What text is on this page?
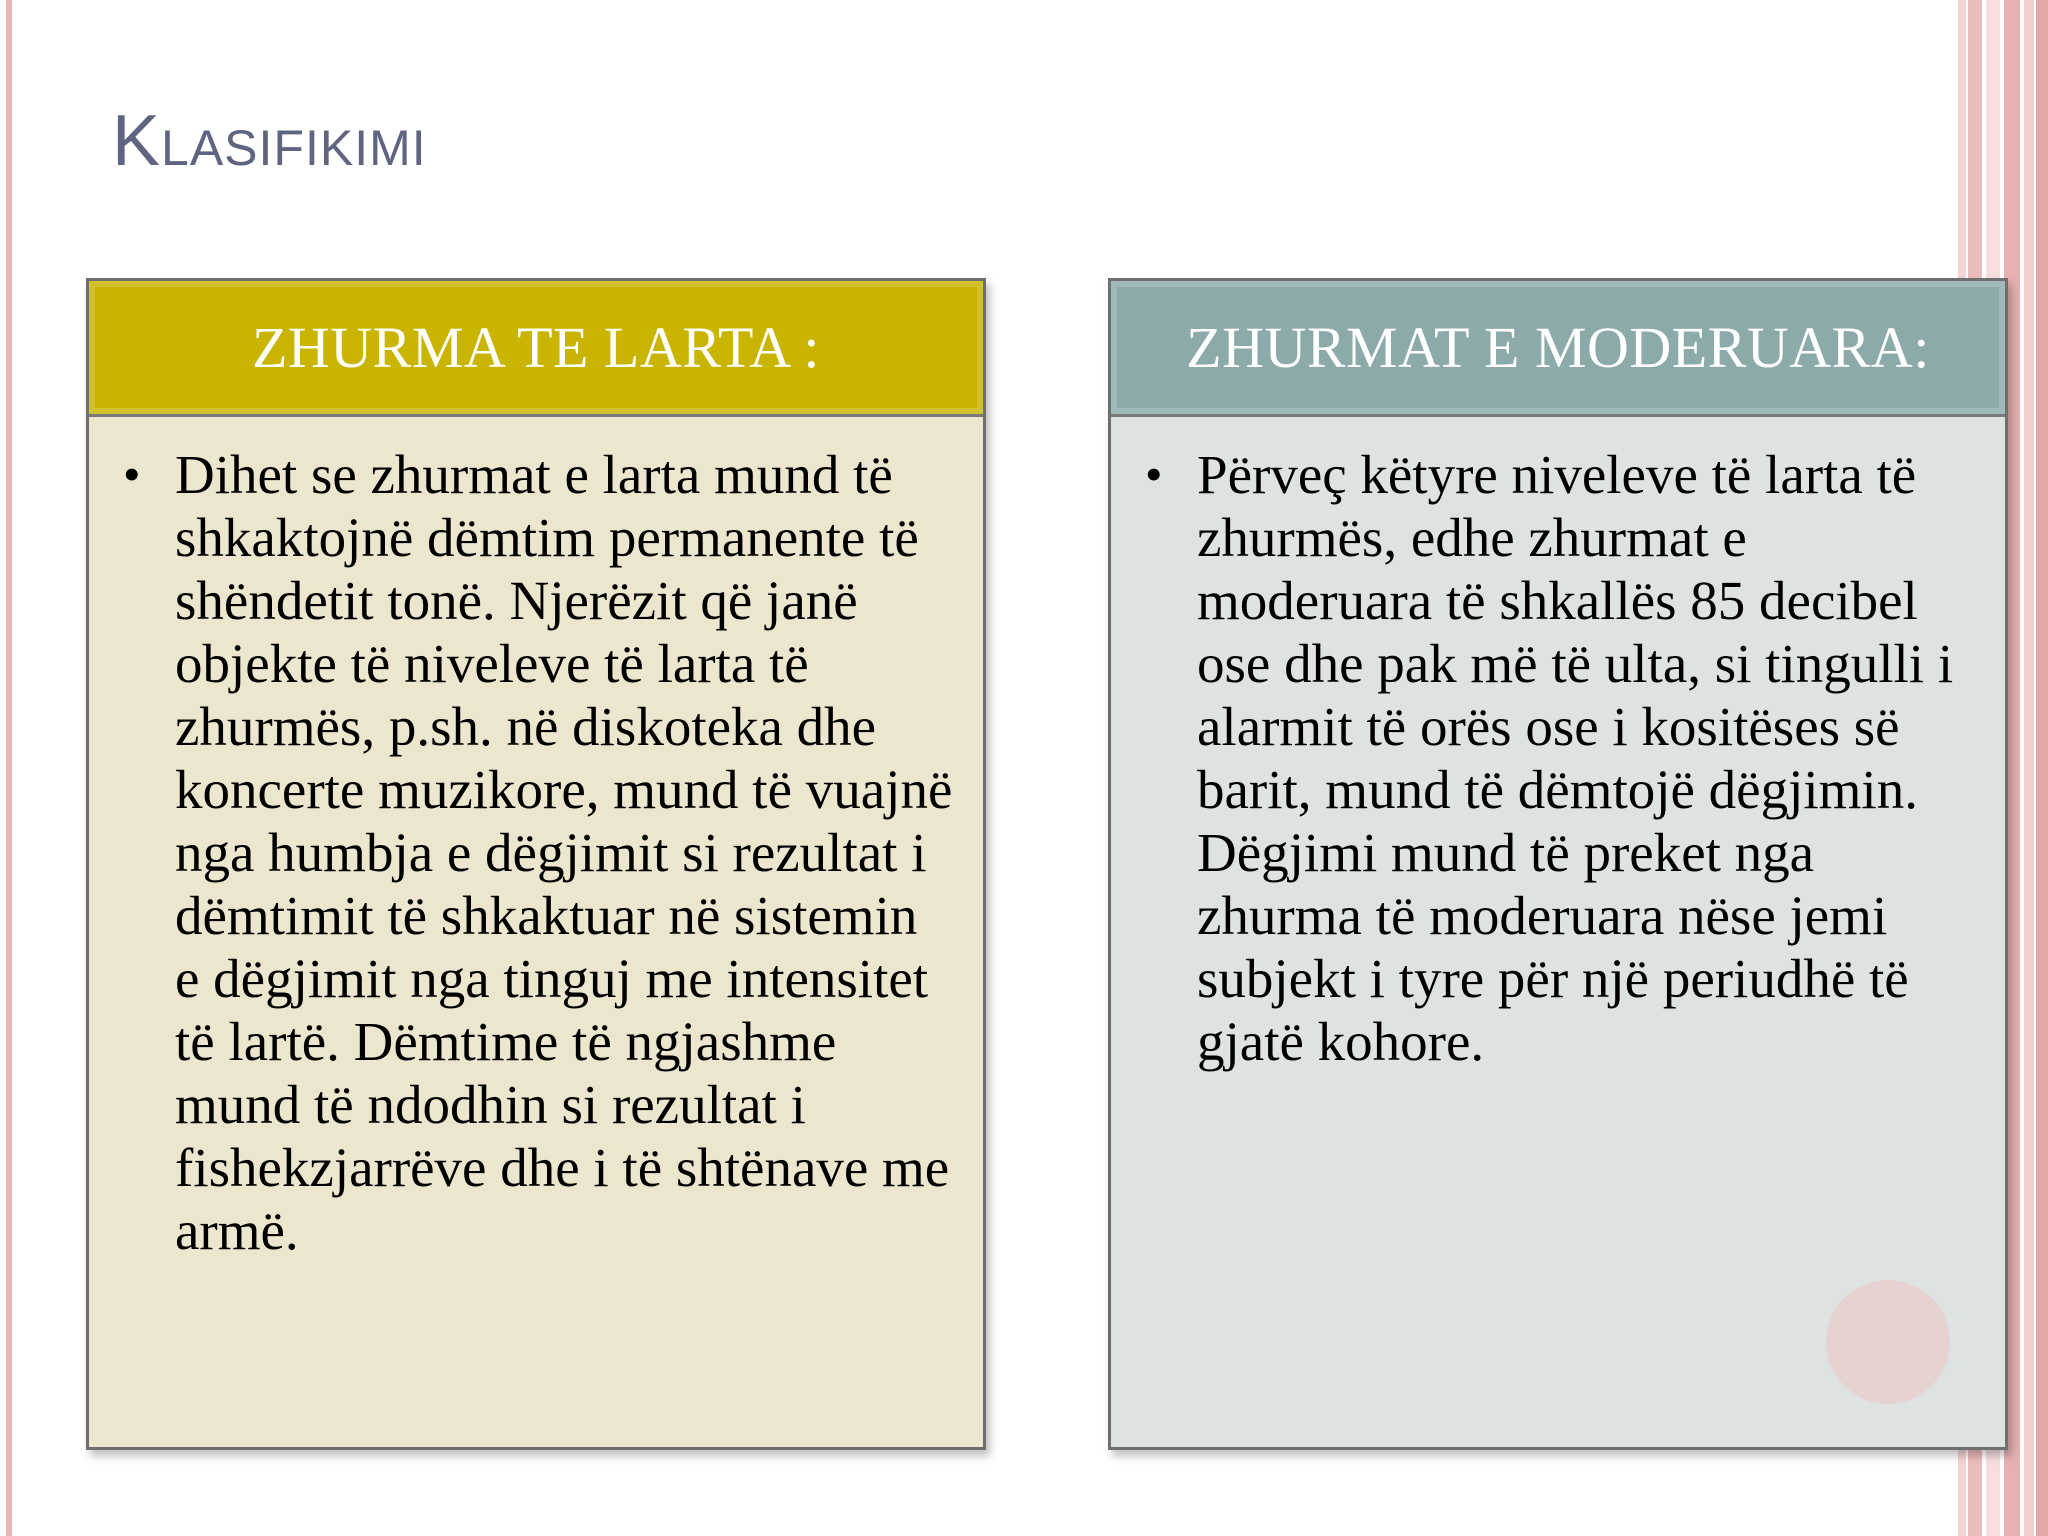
Klasifikimi
ZHURMA TE LARTA :
• Dihet se zhurmat e larta mund të shkaktojnë dëmtim permanente të shëndetit tonë. Njerëzit që janë objekte të niveleve të larta të zhurmës, p.sh. në diskoteka dhe koncerte muzikore, mund të vuajnë nga humbja e dëgjimit si rezultat i dëmtimit të shkaktuar në sistemin e dëgjimit nga tinguj me intensitet të lartë. Dëmtime të ngjashme mund të ndodhin si rezultat i fishekzjarrëve dhe i të shtënave me armë.

ZHURMAT E MODERUARA:
• Përveç këtyre niveleve të larta të zhurmës, edhe zhurmat e moderuara të shkallës 85 decibel ose dhe pak më të ulta, si tingulli i alarmit të orës ose i kositëses së barit, mund të dëmtojë dëgjimin. Dëgjimi mund të preket nga zhurma të moderuara nëse jemi subjekt i tyre për një periudhë të gjatë kohore.
